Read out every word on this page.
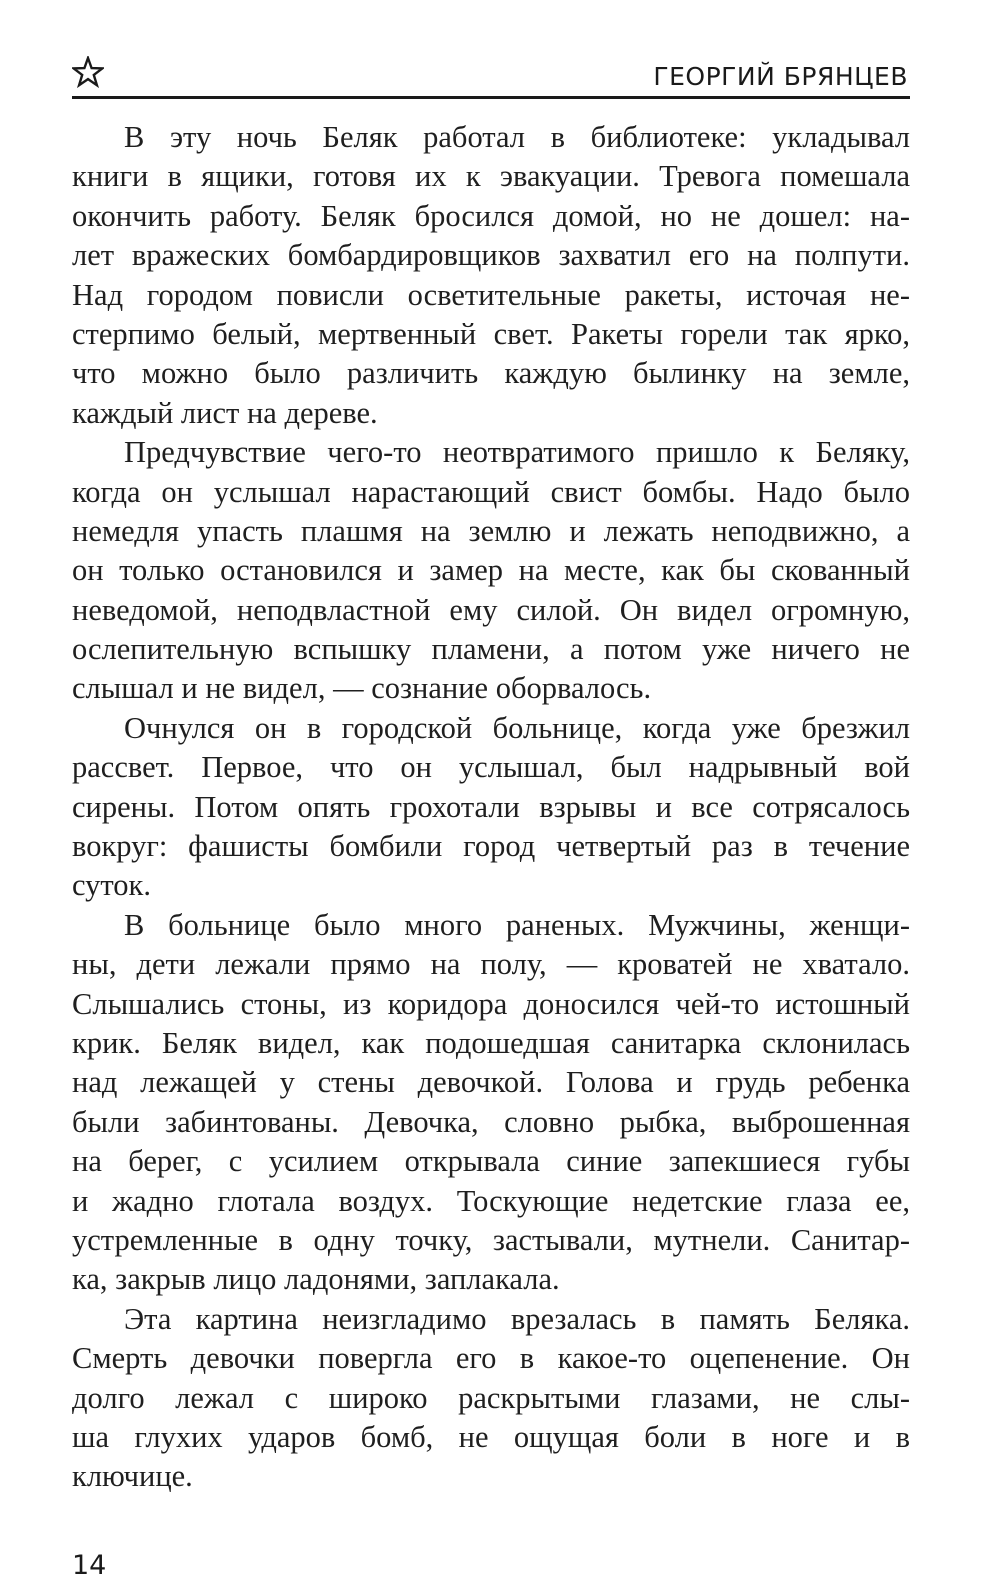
ГЕОРГИЙ БРЯНЦЕВ
В эту ночь Беляк работал в библиотеке: укладывал
книги в ящики, готовя их к эвакуации. Тревога помешала
окончить работу. Беляк бросился домой, но не дошел: на-
лет вражеских бомбардировщиков захватил его на полпути.
Над городом повисли осветительные ракеты, источая не-
стерпимо белый, мертвенный свет. Ракеты горели так ярко,
что можно было различить каждую былинку на земле,
каждый лист на дереве.
Предчувствие чего-то неотвратимого пришло к Беляку,
когда он услышал нарастающий свист бомбы. Надо было
немедля упасть плашмя на землю и лежать неподвижно, а
он только остановился и замер на месте, как бы скованный
неведомой, неподвластной ему силой. Он видел огромную,
ослепительную вспышку пламени, а потом уже ничего не
слышал и не видел, — сознание оборвалось.
Очнулся он в городской больнице, когда уже брезжил
рассвет. Первое, что он услышал, был надрывный вой
сирены. Потом опять грохотали взрывы и все сотрясалось
вокруг: фашисты бомбили город четвертый раз в течение
суток.
В больнице было много раненых. Мужчины, женщи-
ны, дети лежали прямо на полу, — кроватей не хватало.
Слышались стоны, из коридора доносился чей-то истошный
крик. Беляк видел, как подошедшая санитарка склонилась
над лежащей у стены девочкой. Голова и грудь ребенка
были забинтованы. Девочка, словно рыбка, выброшенная
на берег, с усилием открывала синие запекшиеся губы
и жадно глотала воздух. Тоскующие недетские глаза ее,
устремленные в одну точку, застывали, мутнели. Санитар-
ка, закрыв лицо ладонями, заплакала.
Эта картина неизгладимо врезалась в память Беляка.
Смерть девочки повергла его в какое-то оцепенение. Он
долго лежал с широко раскрытыми глазами, не слы-
ша глухих ударов бомб, не ощущая боли в ноге и в
ключице.
14
